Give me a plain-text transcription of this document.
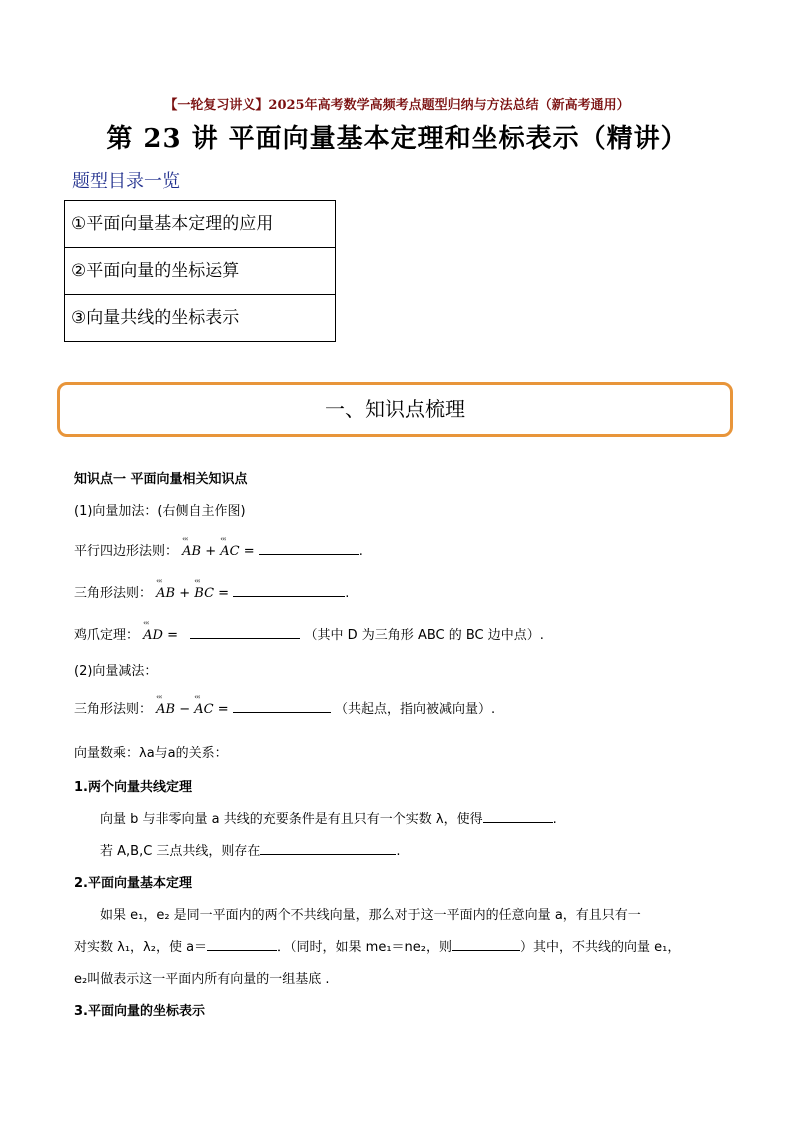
【一轮复习讲义】2025年高考数学高频考点题型归纳与方法总结（新高考通用）
第 23 讲 平面向量基本定理和坐标表示（精讲）
题型目录一览
①平面向量基本定理的应用
②平面向量的坐标运算
③向量共线的坐标表示
一、知识点梳理
知识点一 平面向量相关知识点
(1)向量加法：(右侧自主作图)
平行四边形法则： ‹‹‹ AB + ‹‹‹ AC =	.
三角形法则： ‹‹‹ AB + ‹‹‹ BC =	.
鸡爪定理： ‹‹‹ AD =	（其中 D 为三角形 ABC 的 BC 边中点）.
(2)向量减法：
三角形法则： ‹‹‹ AB − ‹‹‹ AC =	（共起点，指向被减向量）.
向量数乘：λa与a的关系：
1.两个向量共线定理
向量 b 与非零向量 a 共线的充要条件是有且只有一个实数 λ，使得	.
若 A,B,C 三点共线，则存在	.
2.平面向量基本定理
如果 e₁，e₂ 是同一平面内的两个不共线向量，那么对于这一平面内的任意向量 a，有且只有一
对实数 λ₁，λ₂，使 a＝	．（同时，如果 me₁＝ne₂，则	）其中，不共线的向量 e₁，
e₂叫做表示这一平面内所有向量的一组基底 .
3.平面向量的坐标表示
